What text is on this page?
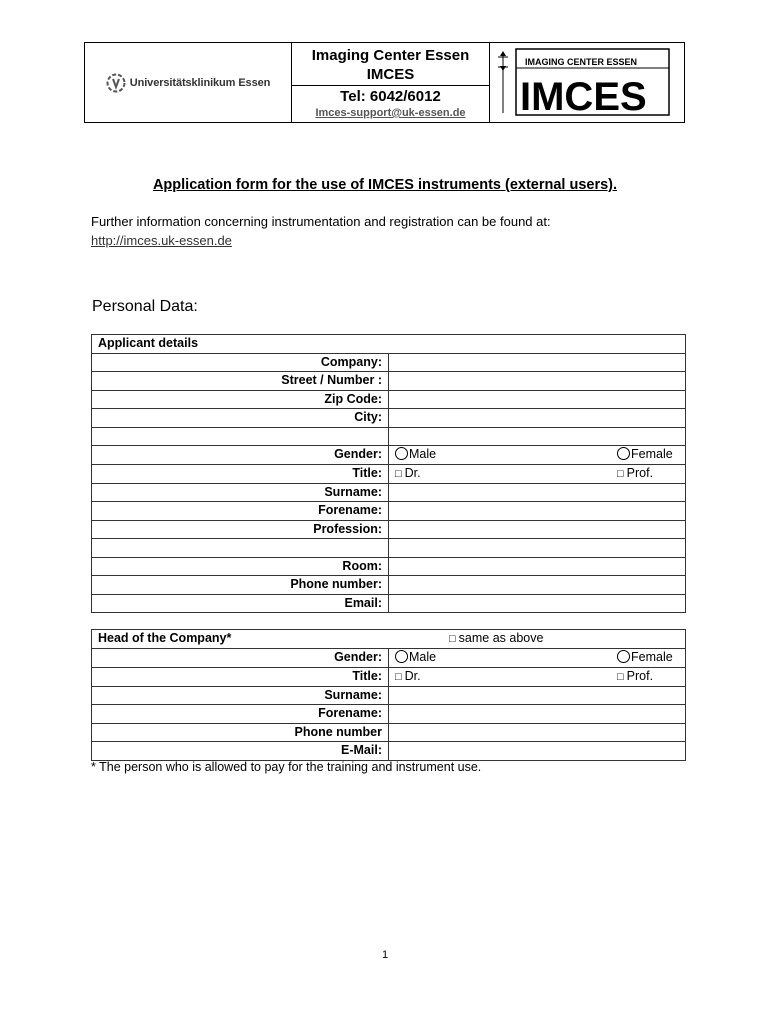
Universitätsklinikum Essen
Imaging Center Essen
IMCES
Tel: 6042/6012
Imces-support@uk-essen.de
IMAGING CENTER ESSEN
IMCES
Application form for the use of IMCES instruments (external users).
Further information concerning instrumentation and registration can be found at:
http://imces.uk-essen.de
Personal Data:
Applicant details	
Company:	
Street / Number :	
Zip Code:	
City:	

Gender:	Male Female
Title:	□ Dr. □ Prof.
Surname:	
Forename:	
Profession:	

Room:	
Phone number:	
Email:	
Head of the Company* □ same as above	
Gender:	Male Female
Title:	□ Dr. □ Prof.
Surname:	
Forename:	
Phone number	
E-Mail:	
* The person who is allowed to pay for the training and instrument use.
1
